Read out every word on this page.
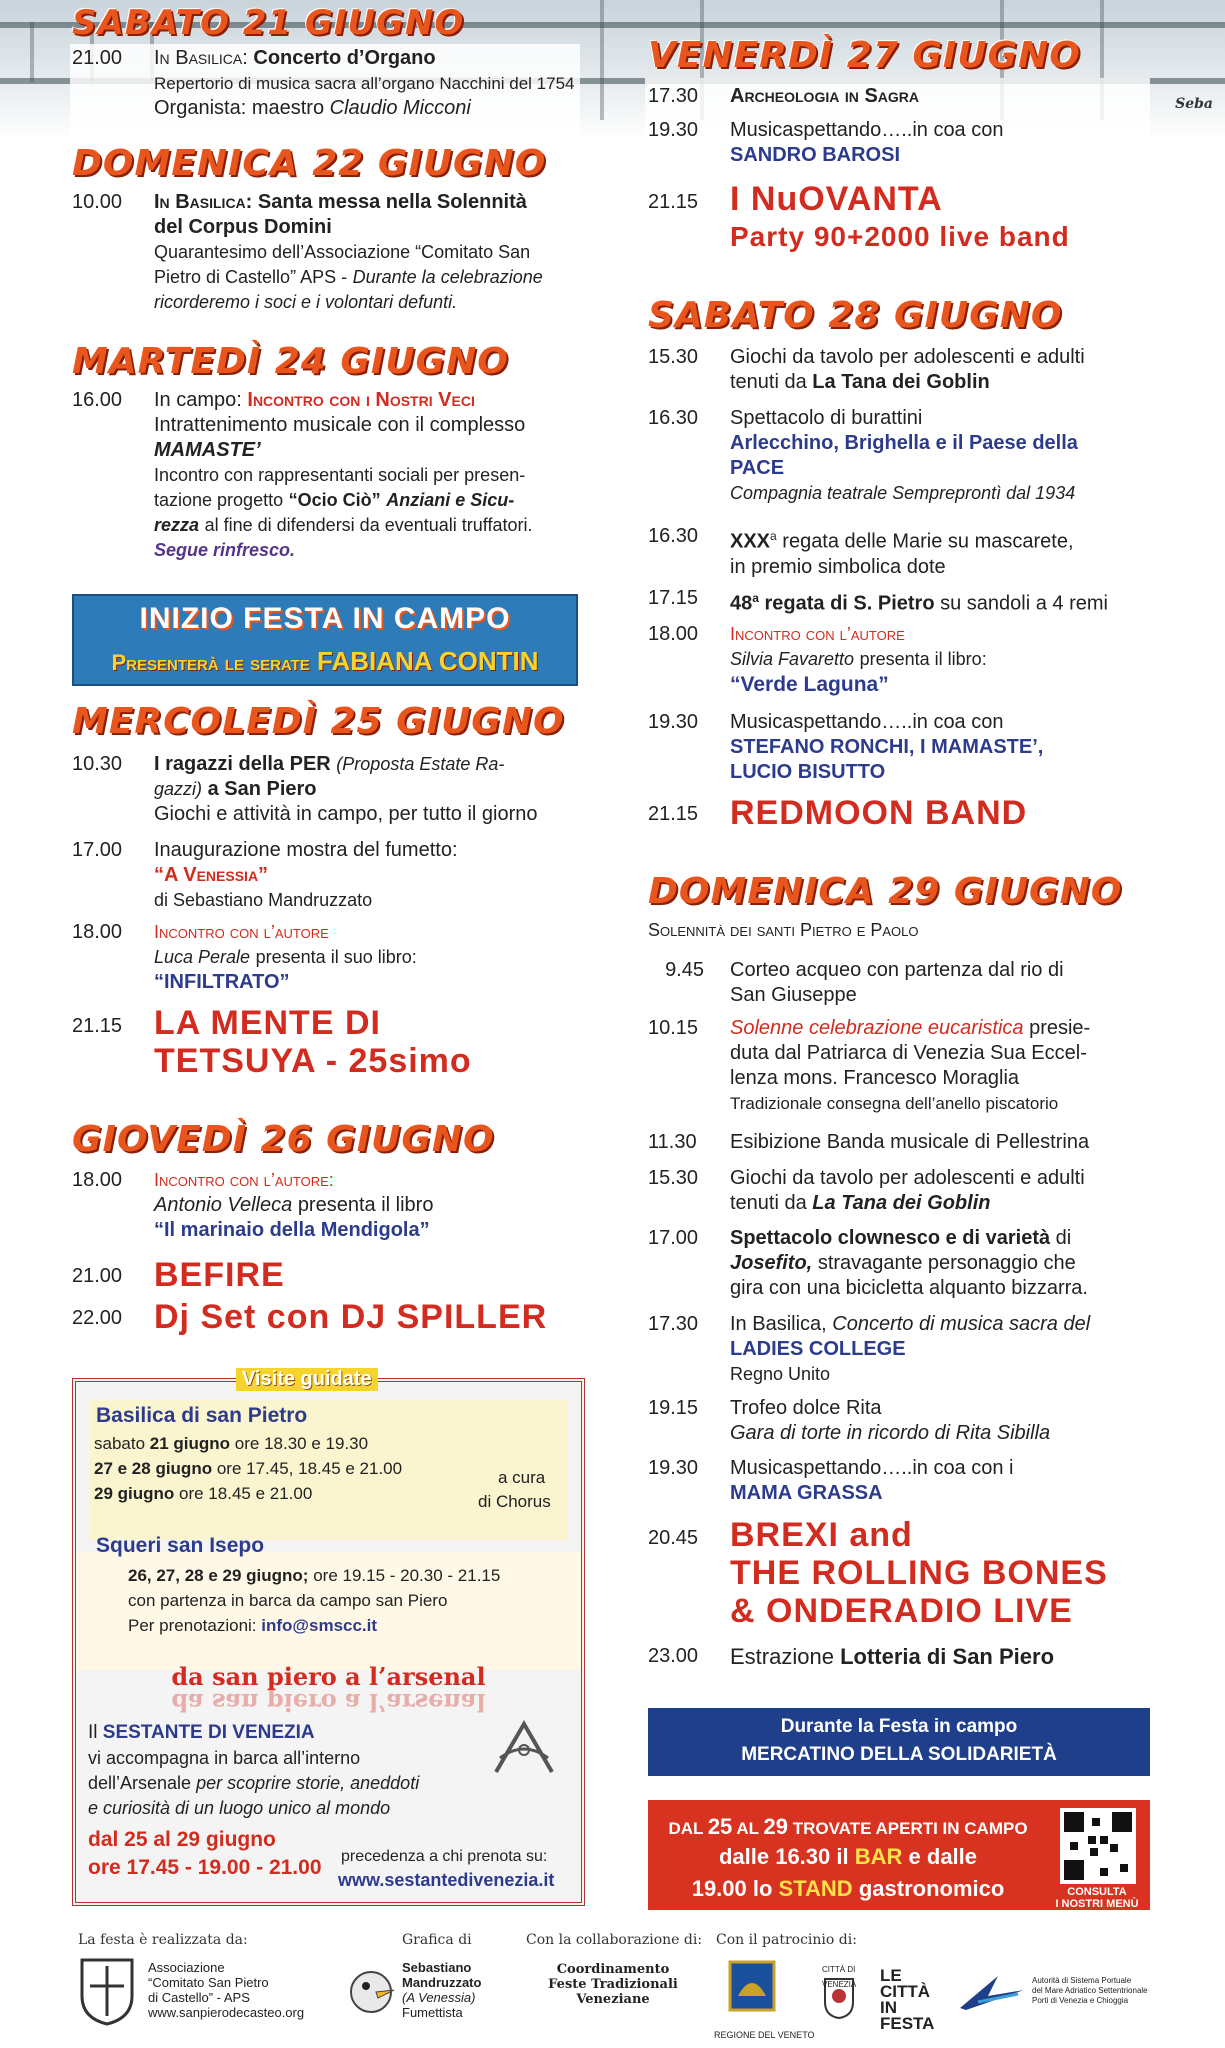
Seba
SABATO 21 GIUGNO
21.00	In Basilica: Concerto d’Organo
Repertorio di musica sacra all’organo Nacchini del 1754
Organista: maestro Claudio Micconi
DOMENICA 22 GIUGNO
10.00	In Basilica: Santa messa nella Solennità
del Corpus Domini
Quarantesimo dell’Associazione “Comitato San
Pietro di Castello” APS - Durante la celebrazione
ricorderemo i soci e i volontari defunti.
MARTEDÌ 24 GIUGNO
16.00	In campo: Incontro con i Nostri Veci
Intrattenimento musicale con il complesso
MAMASTE’
Incontro con rappresentanti sociali per presen-
tazione progetto “Ocio Ciò” Anziani e Sicu-
rezza al fine di difendersi da eventuali truffatori.
Segue rinfresco.
INIZIO FESTA IN CAMPO
Presenterà le serate FABIANA CONTIN
MERCOLEDÌ 25 GIUGNO
10.30	I ragazzi della PER (Proposta Estate Ra-
gazzi) a San Piero
Giochi e attività in campo, per tutto il giorno
17.00	Inaugurazione mostra del fumetto:
“A Venessia”
di Sebastiano Mandruzzato
18.00	Incontro con l’autore
Luca Perale presenta il suo libro:
“INFILTRATO”
21.15 LA MENTE DI
TETSUYA - 25simo
GIOVEDÌ 26 GIUGNO
18.00	Incontro con l’autore:
Antonio Velleca presenta il libro
“Il marinaio della Mendigola”
21.00 BEFIRE
22.00 Dj Set con DJ SPILLER
Visite guidate
Basilica di san Pietro
sabato 21 giugno ore 18.30 e 19.30
27 e 28 giugno ore 17.45, 18.45 e 21.00
29 giugno ore 18.45 e 21.00
a cura
di Chorus
Squeri san Isepo
26, 27, 28 e 29 giugno; ore 19.15 - 20.30 - 21.15
con partenza in barca da campo san Piero
Per prenotazioni: info@smscc.it
da san piero a l’arsenal
da san piero a l’arsenal
Il SESTANTE DI VENEZIA
vi accompagna in barca all’interno
dell’Arsenale per scoprire storie, aneddoti
e curiosità di un luogo unico al mondo
dal 25 al 29 giugno
ore 17.45 - 19.00 - 21.00 precedenza a chi prenota su:
www.sestantedivenezia.it
VENERDÌ 27 GIUGNO
17.30	Archeologia in Sagra
19.30	Musicaspettando…..in coa con
SANDRO BAROSI
21.15 I NuOVANTA
Party 90+2000 live band
SABATO 28 GIUGNO
15.30	Giochi da tavolo per adolescenti e adulti
tenuti da La Tana dei Goblin
16.30	Spettacolo di burattini
Arlecchino, Brighella e il Paese della
PACE
Compagnia teatrale Sempreprontì dal 1934
16.30	XXX$^a$ regata delle Marie su mascarete,
in premio simbolica dote
17.15	48$^a$ regata di S. Pietro su sandoli a 4 remi
18.00	Incontro con l’autore
Silvia Favaretto presenta il libro:
“Verde Laguna”
19.30	Musicaspettando…..in coa con
STEFANO RONCHI, I MAMASTE’,
LUCIO BISUTTO
21.15 REDMOON BAND
DOMENICA 29 GIUGNO
Solennità dei santi Pietro e Paolo
9.45 Corteo acqueo con partenza dal rio di
San Giuseppe
10.15	Solenne celebrazione eucaristica presie-
duta dal Patriarca di Venezia Sua Eccel-
lenza mons. Francesco Moraglia
Tradizionale consegna dell’anello piscatorio
11.30	Esibizione Banda musicale di Pellestrina
15.30	Giochi da tavolo per adolescenti e adulti
tenuti da La Tana dei Goblin
17.00	Spettacolo clownesco e di varietà di
Josefito, stravagante personaggio che
gira con una bicicletta alquanto bizzarra.
17.30	In Basilica, Concerto di musica sacra del
LADIES COLLEGE
Regno Unito
19.15	Trofeo dolce Rita
Gara di torte in ricordo di Rita Sibilla
19.30	Musicaspettando…..in coa con i
MAMA GRASSA
20.45 BREXI and
THE ROLLING BONES
& ONDERADIO LIVE
23.00	Estrazione Lotteria di San Piero
Durante la Festa in campo
MERCATINO DELLA SOLIDARIETÀ
DAL 25 AL 29 TROVATE APERTI IN CAMPO
dalle 16.30 il BAR e dalle
19.00 lo STAND gastronomico	CONSULTA
I NOSTRI MENÙ
La festa è realizzata da:
Associazione
“Comitato San Pietro
di Castello” - APS
www.sanpierodecasteo.org
Grafica di
Sebastiano
Mandruzzato
(A Venessia)
Fumettista
Con la collaborazione di:
Coordinamento
Feste Tradizionali
Veneziane
Con il patrocinio di:
REGIONE DEL VENETO
CITTÀ DI VENEZIA	LE
CITTÀ
IN
FESTA
Autorità di Sistema Portuale
del Mare Adriatico Settentrionale
Porti di Venezia e Chioggia
